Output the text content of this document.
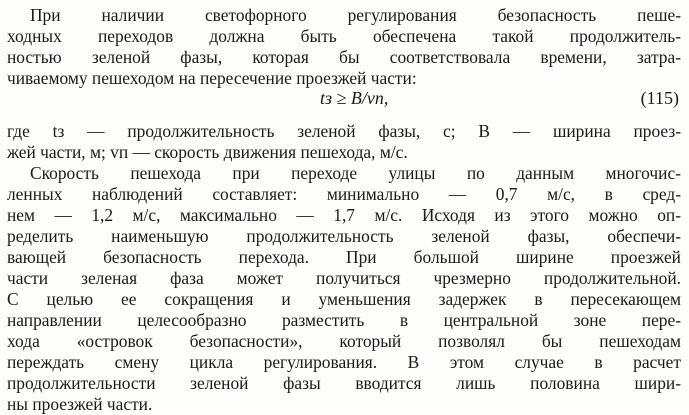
При наличии светофорного регулирования безопасность пеше-
ходных переходов должна быть обеспечена такой продолжитель-
ностью зеленой фазы, которая бы соответствовала времени, затра-
чиваемому пешеходом на пересечение проезжей части:
tз ≥ B/vп,	(115)
где tз — продолжительность зеленой фазы, с; B — ширина проез-
жей части, м; vп — скорость движения пешехода, м/с.
Скорость пешехода при переходе улицы по данным многочис-
ленных наблюдений составляет: минимально — 0,7 м/с, в сред-
нем — 1,2 м/с, максимально — 1,7 м/с. Исходя из этого можно оп-
ределить наименьшую продолжительность зеленой фазы, обеспечи-
вающей безопасность перехода. При большой ширине проезжей
части зеленая фаза может получиться чрезмерно продолжительной.
С целью ее сокращения и уменьшения задержек в пересекающем
направлении целесообразно разместить в центральной зоне пере-
хода «островок безопасности», который позволял бы пешеходам
переждать смену цикла регулирования. В этом случае в расчет
продолжительности зеленой фазы вводится лишь половина шири-
ны проезжей части.
